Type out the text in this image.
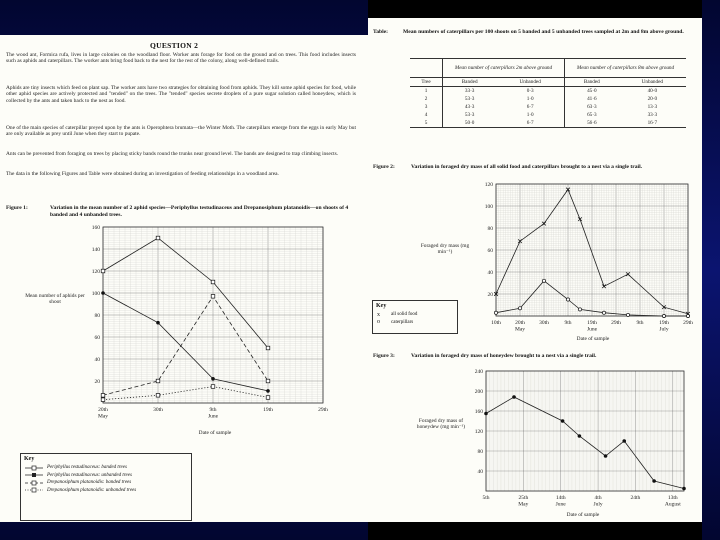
QUESTION 2
The wood ant, Formica rufa, lives in large colonies on the woodland floor. Worker ants forage for food on the ground and on trees. This food includes insects such as aphids and caterpillars. The worker ants bring food back to the nest for the rest of the colony, along well-defined trails.
Aphids are tiny insects which feed on plant sap. The worker ants have two strategies for obtaining food from aphids. They kill some aphid species for food, while other aphid species are actively protected and "tended" on the trees. The "tended" species secrete droplets of a pure sugar solution called honeydew, which is collected by the ants and taken back to the nest as food.
One of the main species of caterpillar preyed upon by the ants is Operophtera brumata—the Winter Moth. The caterpillars emerge from the eggs in early May but are only available as prey until June when they start to pupate.
Ants can be prevented from foraging on trees by placing sticky bands round the trunks near ground level. The bands are designed to trap climbing insects.
The data in the following Figures and Table were obtained during an investigation of feeding relationships in a woodland area.
Figure 1:	Variation in the mean number of 2 aphid species—Periphyllus testudinaceus and Drepanosiphum platanoidis—on shoots of 4 banded and 4 unbanded trees.
Mean number of aphids per shoot
Date of sample
20
40
60
80
100
120
140
160
20th May
30th	9th June
19th	29th
Key
Periphyllus testudinaceus: banded trees
Periphyllus testudinaceus: unbanded trees
Drepanosiphum platanoidis: banded trees
Drepanosiphum platanoidis: unbanded trees
Table:	Mean numbers of caterpillars per 100 shoots on 5 banded and 5 unbanded trees sampled at 2m and 8m above ground.
	Mean number of caterpillars 2m above ground		Mean number of caterpillars 8m above ground	
Tree	Banded	Unbanded	Banded	Unbanded
1	33·3	0·3	45·0	40·0
2	53·3	1·0	41·6	20·0
3	43·3	6·7	63·3	13·3
4	53·3	1·0	65·3	33·3
5	50·0	6·7	56·6	16·7
Figure 2:	Variation in foraged dry mass of all solid food and caterpillars brought to a nest via a single trail.
Foraged dry mass (mg min⁻¹)
Date of sample
20
40
60
80
100
120
10th	20th May
30th	9th	19th June
29th	9th	19th July
29th
Key
x	all solid food
o	caterpillars
Figure 3:	Variation in foraged dry mass of honeydew brought to a nest via a single trail.
Foraged dry mass of honeydew (mg min⁻¹)
Date of sample
40
80
120
160
200
240
5th	25th May
14th June
4th July
24th	13th August
